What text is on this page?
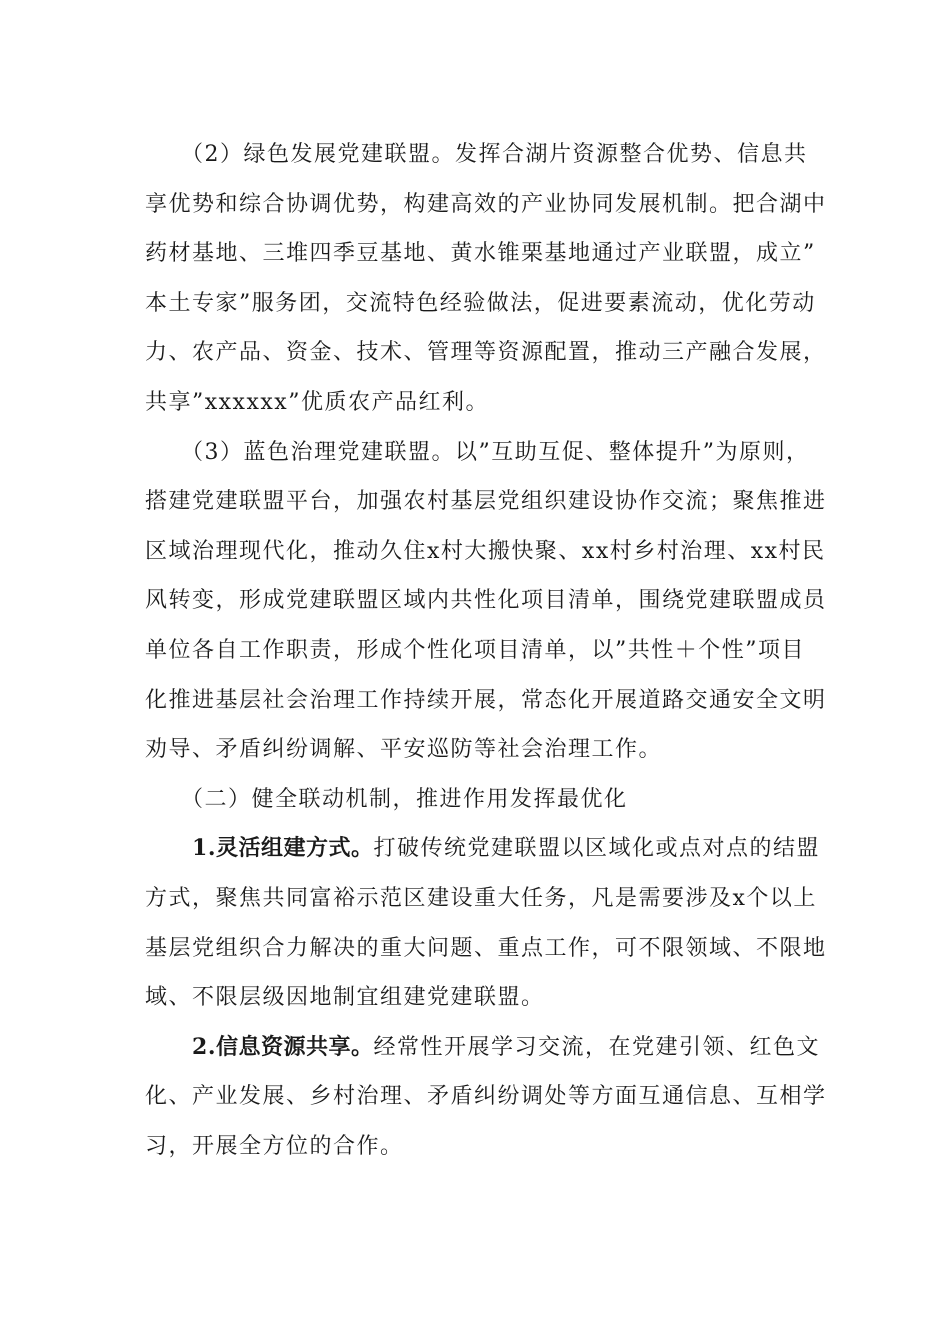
　　（2）绿色发展党建联盟。发挥合湖片资源整合优势、信息共
享优势和综合协调优势，构建高效的产业协同发展机制。把合湖中
药材基地、三堆四季豆基地、黄水锥栗基地通过产业联盟，成立”
本土专家”服务团，交流特色经验做法，促进要素流动，优化劳动
力、农产品、资金、技术、管理等资源配置，推动三产融合发展，
共享”xxxxxx”优质农产品红利。
　　（3）蓝色治理党建联盟。以”互助互促、整体提升”为原则，
搭建党建联盟平台，加强农村基层党组织建设协作交流；聚焦推进
区域治理现代化，推动久住x村大搬快聚、xx村乡村治理、xx村民
风转变，形成党建联盟区域内共性化项目清单，围绕党建联盟成员
单位各自工作职责，形成个性化项目清单，以”共性＋个性”项目
化推进基层社会治理工作持续开展，常态化开展道路交通安全文明
劝导、矛盾纠纷调解、平安巡防等社会治理工作。
　　（二）健全联动机制，推进作用发挥最优化
　　1.灵活组建方式。打破传统党建联盟以区域化或点对点的结盟
方式，聚焦共同富裕示范区建设重大任务，凡是需要涉及x个以上
基层党组织合力解决的重大问题、重点工作，可不限领域、不限地
域、不限层级因地制宜组建党建联盟。
　　2.信息资源共享。经常性开展学习交流，在党建引领、红色文
化、产业发展、乡村治理、矛盾纠纷调处等方面互通信息、互相学
习，开展全方位的合作。
